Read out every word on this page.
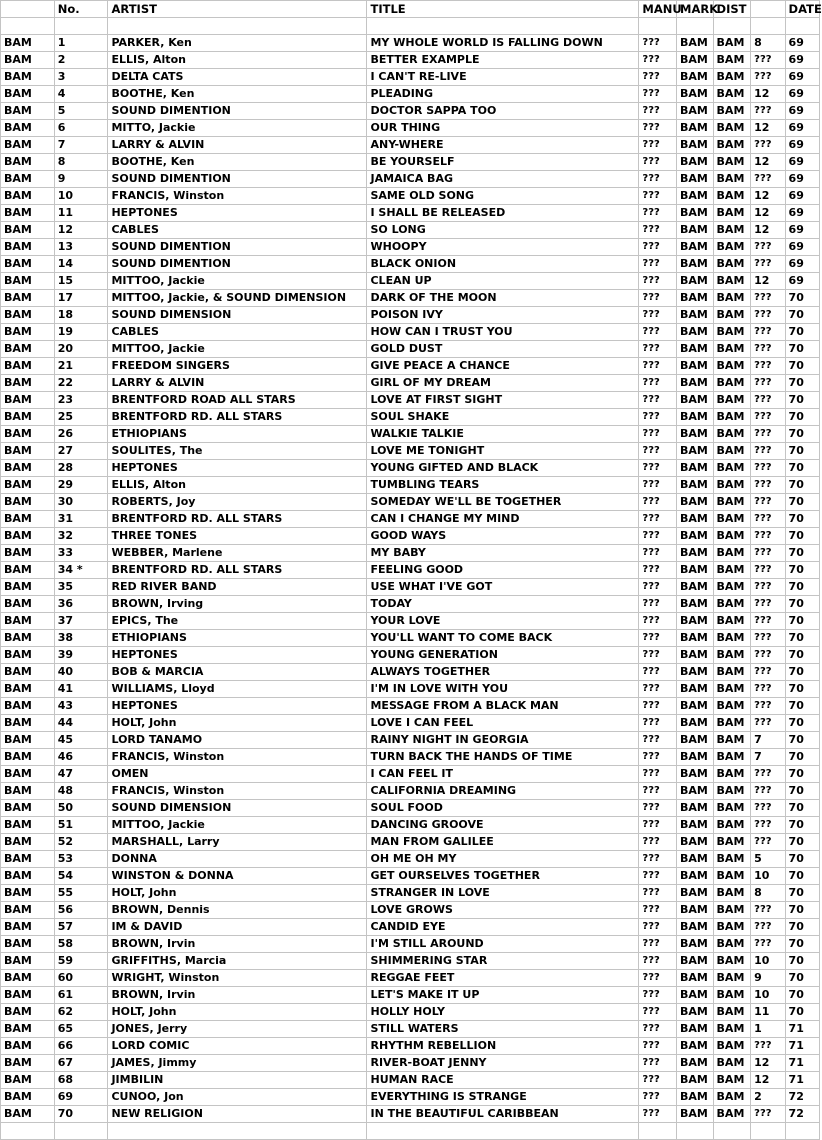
	No.	ARTIST	TITLE	MANU	MARK	DIST		DATE

BAM	1	PARKER, Ken	MY WHOLE WORLD IS FALLING DOWN	???	BAM	BAM	8	69
BAM	2	ELLIS, Alton	BETTER EXAMPLE	???	BAM	BAM	???	69
BAM	3	DELTA CATS	I CAN'T RE-LIVE	???	BAM	BAM	???	69
BAM	4	BOOTHE, Ken	PLEADING	???	BAM	BAM	12	69
BAM	5	SOUND DIMENTION	DOCTOR SAPPA TOO	???	BAM	BAM	???	69
BAM	6	MITTO, Jackie	OUR THING	???	BAM	BAM	12	69
BAM	7	LARRY & ALVIN	ANY-WHERE	???	BAM	BAM	???	69
BAM	8	BOOTHE, Ken	BE YOURSELF	???	BAM	BAM	12	69
BAM	9	SOUND DIMENTION	JAMAICA BAG	???	BAM	BAM	???	69
BAM	10	FRANCIS, Winston	SAME OLD SONG	???	BAM	BAM	12	69
BAM	11	HEPTONES	I SHALL BE RELEASED	???	BAM	BAM	12	69
BAM	12	CABLES	SO LONG	???	BAM	BAM	12	69
BAM	13	SOUND DIMENTION	WHOOPY	???	BAM	BAM	???	69
BAM	14	SOUND DIMENTION	BLACK ONION	???	BAM	BAM	???	69
BAM	15	MITTOO, Jackie	CLEAN UP	???	BAM	BAM	12	69
BAM	17	MITTOO, Jackie, & SOUND DIMENSION	DARK OF THE MOON	???	BAM	BAM	???	70
BAM	18	SOUND DIMENSION	POISON IVY	???	BAM	BAM	???	70
BAM	19	CABLES	HOW CAN I TRUST YOU	???	BAM	BAM	???	70
BAM	20	MITTOO, Jackie	GOLD DUST	???	BAM	BAM	???	70
BAM	21	FREEDOM SINGERS	GIVE PEACE A CHANCE	???	BAM	BAM	???	70
BAM	22	LARRY & ALVIN	GIRL OF MY DREAM	???	BAM	BAM	???	70
BAM	23	BRENTFORD ROAD ALL STARS	LOVE AT FIRST SIGHT	???	BAM	BAM	???	70
BAM	25	BRENTFORD RD. ALL STARS	SOUL SHAKE	???	BAM	BAM	???	70
BAM	26	ETHIOPIANS	WALKIE TALKIE	???	BAM	BAM	???	70
BAM	27	SOULITES, The	LOVE ME TONIGHT	???	BAM	BAM	???	70
BAM	28	HEPTONES	YOUNG GIFTED AND BLACK	???	BAM	BAM	???	70
BAM	29	ELLIS, Alton	TUMBLING TEARS	???	BAM	BAM	???	70
BAM	30	ROBERTS, Joy	SOMEDAY WE'LL BE TOGETHER	???	BAM	BAM	???	70
BAM	31	BRENTFORD RD. ALL STARS	CAN I CHANGE MY MIND	???	BAM	BAM	???	70
BAM	32	THREE TONES	GOOD WAYS	???	BAM	BAM	???	70
BAM	33	WEBBER, Marlene	MY BABY	???	BAM	BAM	???	70
BAM	34 *	BRENTFORD RD. ALL STARS	FEELING GOOD	???	BAM	BAM	???	70
BAM	35	RED RIVER BAND	USE WHAT I'VE GOT	???	BAM	BAM	???	70
BAM	36	BROWN, Irving	TODAY	???	BAM	BAM	???	70
BAM	37	EPICS, The	YOUR LOVE	???	BAM	BAM	???	70
BAM	38	ETHIOPIANS	YOU'LL WANT TO COME BACK	???	BAM	BAM	???	70
BAM	39	HEPTONES	YOUNG GENERATION	???	BAM	BAM	???	70
BAM	40	BOB & MARCIA	ALWAYS TOGETHER	???	BAM	BAM	???	70
BAM	41	WILLIAMS, Lloyd	I'M IN LOVE WITH YOU	???	BAM	BAM	???	70
BAM	43	HEPTONES	MESSAGE FROM A BLACK MAN	???	BAM	BAM	???	70
BAM	44	HOLT, John	LOVE I CAN FEEL	???	BAM	BAM	???	70
BAM	45	LORD TANAMO	RAINY NIGHT IN GEORGIA	???	BAM	BAM	7	70
BAM	46	FRANCIS, Winston	TURN BACK THE HANDS OF TIME	???	BAM	BAM	7	70
BAM	47	OMEN	I CAN FEEL IT	???	BAM	BAM	???	70
BAM	48	FRANCIS, Winston	CALIFORNIA DREAMING	???	BAM	BAM	???	70
BAM	50	SOUND DIMENSION	SOUL FOOD	???	BAM	BAM	???	70
BAM	51	MITTOO, Jackie	DANCING GROOVE	???	BAM	BAM	???	70
BAM	52	MARSHALL, Larry	MAN FROM GALILEE	???	BAM	BAM	???	70
BAM	53	DONNA	OH ME OH MY	???	BAM	BAM	5	70
BAM	54	WINSTON & DONNA	GET OURSELVES TOGETHER	???	BAM	BAM	10	70
BAM	55	HOLT, John	STRANGER IN LOVE	???	BAM	BAM	8	70
BAM	56	BROWN, Dennis	LOVE GROWS	???	BAM	BAM	???	70
BAM	57	IM & DAVID	CANDID EYE	???	BAM	BAM	???	70
BAM	58	BROWN, Irvin	I'M STILL AROUND	???	BAM	BAM	???	70
BAM	59	GRIFFITHS, Marcia	SHIMMERING STAR	???	BAM	BAM	10	70
BAM	60	WRIGHT, Winston	REGGAE FEET	???	BAM	BAM	9	70
BAM	61	BROWN, Irvin	LET'S MAKE IT UP	???	BAM	BAM	10	70
BAM	62	HOLT, John	HOLLY HOLY	???	BAM	BAM	11	70
BAM	65	JONES, Jerry	STILL WATERS	???	BAM	BAM	1	71
BAM	66	LORD COMIC	RHYTHM REBELLION	???	BAM	BAM	???	71
BAM	67	JAMES, Jimmy	RIVER-BOAT JENNY	???	BAM	BAM	12	71
BAM	68	JIMBILIN	HUMAN RACE	???	BAM	BAM	12	71
BAM	69	CUNOO, Jon	EVERYTHING IS STRANGE	???	BAM	BAM	2	72
BAM	70	NEW RELIGION	IN THE BEAUTIFUL CARIBBEAN	???	BAM	BAM	???	72
